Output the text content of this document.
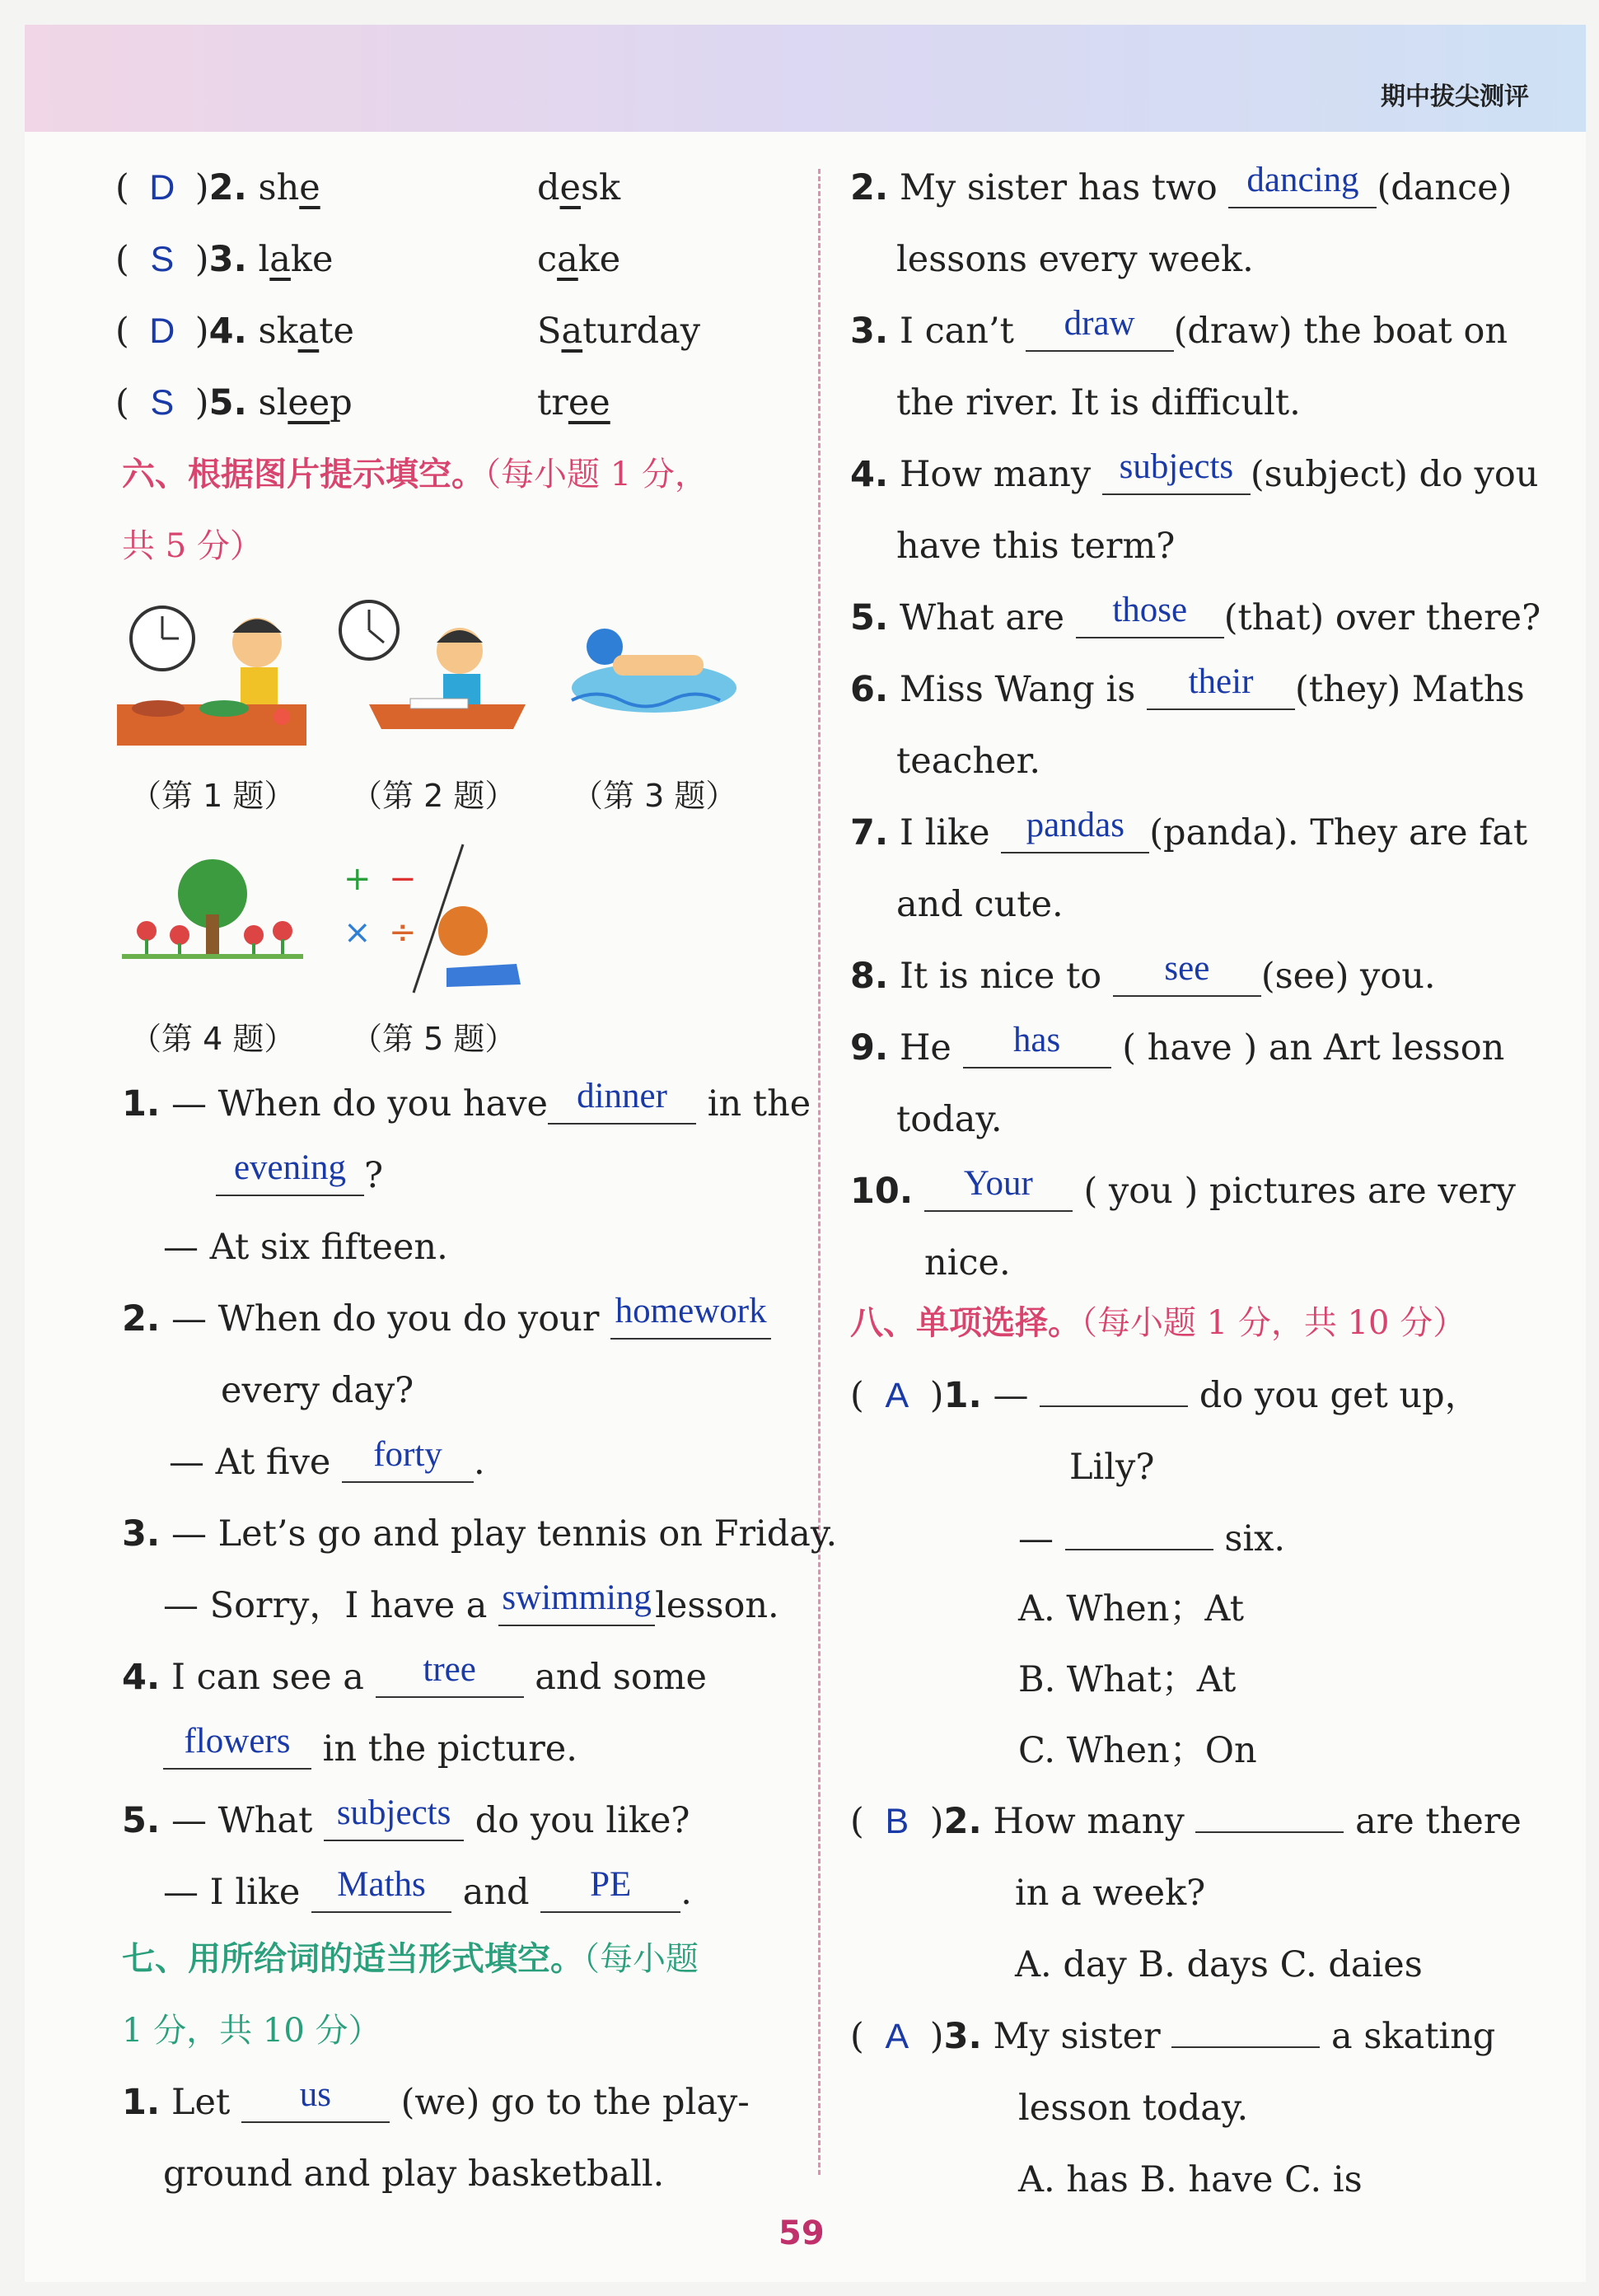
期中拔尖测评
( D )2. she	desk
( S )3. lake	cake
( D )4. skate	Saturday
( S )5. sleep	tree
六、根据图片提示填空。（每小题 1 分，
共 5 分）
（第 1 题） （第 2 题） （第 3 题）
+ −
× ÷
（第 4 题） （第 5 题）
1. — When do you have dinner in the
evening ?
— At six fifteen.
2. — When do you do your homework
every day?
— At five forty .
3. — Let’s go and play tennis on Friday.
— Sorry，I have a swimminglesson.
4. I can see a tree and some
flowers in the picture.
5. — What subjects do you like?
— I like Maths and PE .
七、用所给词的适当形式填空。（每小题
1 分，共 10 分）
1. Let us (we) go to the play-
ground and play basketball.
2. My sister has two dancing (dance)
lessons every week.
3. I can’t draw (draw) the boat on
the river. It is difficult.
4. How many subjects (subject) do you
have this term?
5. What are those (that) over there?
6. Miss Wang is their (they) Maths
teacher.
7. I like pandas (panda). They are fat
and cute.
8. It is nice to see (see) you.
9. He has ( have ) an Art lesson
today.
10. Your ( you ) pictures are very
nice.
八、单项选择。（每小题 1 分，共 10 分）
( A )1. —	do you get up，
Lily?
—	six.
A. When；At
B. What；At
C. When；On
( B )2. How many	are there
in a week?
A. day B. days C. daies
( A )3. My sister	a skating
lesson today.
A. has B. have C. is
59
